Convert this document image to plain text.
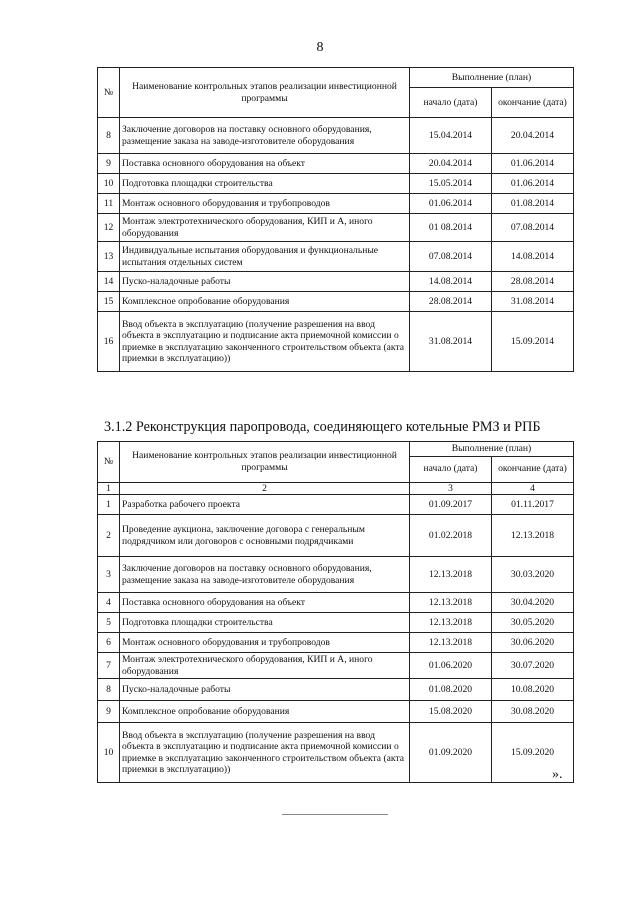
8
№	Наименование контрольных этапов реализации инвестиционной программы	Выполнение (план)	
		начало (дата)	окончание (дата)
8	Заключение договоров на поставку основного оборудования, размещение заказа на заводе-изготовителе оборудования	15.04.2014	20.04.2014
9	Поставка основного оборудования на объект	20.04.2014	01.06.2014
10	Подготовка площадки строительства	15.05.2014	01.06.2014
11	Монтаж основного оборудования и трубопроводов	01.06.2014	01.08.2014
12	Монтаж электротехнического оборудования, КИП и А, иного оборудования	01 08.2014	07.08.2014
13	Индивидуальные испытания оборудования и функциональные испытания отдельных систем	07.08.2014	14.08.2014
14	Пуско-наладочные работы	14.08.2014	28.08.2014
15	Комплексное опробование оборудования	28.08.2014	31.08.2014
16	Ввод объекта в эксплуатацию (получение разрешения на ввод объекта в эксплуатацию и подписание акта приемочной комиссии о приемке в эксплуатацию законченного строительством объекта (акта приемки в эксплуатацию))	31.08.2014	15.09.2014
3.1.2 Реконструкция паропровода, соединяющего котельные РМЗ и РПБ
№	Наименование контрольных этапов реализации инвестиционной программы	Выполнение (план)	
		начало (дата)	окончание (дата)
1	2	3	4
1	Разработка рабочего проекта	01.09.2017	01.11.2017
2	Проведение аукциона, заключение договора с генеральным подрядчиком или договоров с основными подрядчиками	01.02.2018	12.13.2018
3	Заключение договоров на поставку основного оборудования, размещение заказа на заводе-изготовителе оборудования	12.13.2018	30.03.2020
4	Поставка основного оборудования на объект	12.13.2018	30.04.2020
5	Подготовка площадки строительства	12.13.2018	30.05.2020
6	Монтаж основного оборудования и трубопроводов	12.13.2018	30.06.2020
7	Монтаж электротехнического оборудования, КИП и А, иного оборудования	01.06.2020	30.07.2020
8	Пуско-наладочные работы	01.08.2020	10.08.2020
9	Комплексное опробование оборудования	15.08.2020	30.08.2020
10	Ввод объекта в эксплуатацию (получение разрешения на ввод объекта в эксплуатацию и подписание акта приемочной комиссии о приемке в эксплуатацию законченного строительством объекта (акта приемки в эксплуатацию))	01.09.2020	15.09.2020
».
